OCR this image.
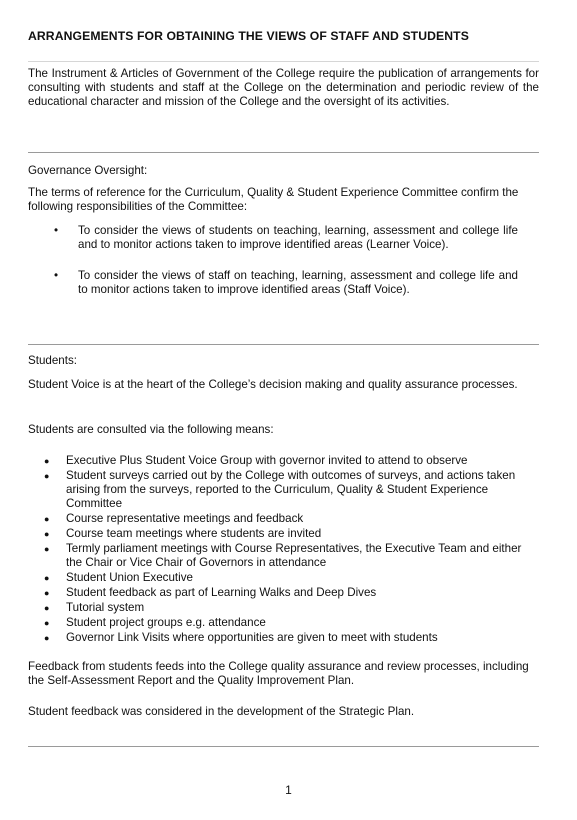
ARRANGEMENTS FOR OBTAINING THE VIEWS OF STAFF AND STUDENTS

The Instrument & Articles of Government of the College require the publication of arrangements for consulting with students and staff at the College on the determination and periodic review of the educational character and mission of the College and the oversight of its activities.

Governance Oversight:

The terms of reference for the Curriculum, Quality & Student Experience Committee confirm the following responsibilities of the Committee:

• To consider the views of students on teaching, learning, assessment and college life and to monitor actions taken to improve identified areas (Learner Voice).
• To consider the views of staff on teaching, learning, assessment and college life and to monitor actions taken to improve identified areas (Staff Voice).

Students:

Student Voice is at the heart of the College’s decision making and quality assurance processes.

Students are consulted via the following means:

● Executive Plus Student Voice Group with governor invited to attend to observe
● Student surveys carried out by the College with outcomes of surveys, and actions taken arising from the surveys, reported to the Curriculum, Quality & Student Experience Committee
● Course representative meetings and feedback
● Course team meetings where students are invited
● Termly parliament meetings with Course Representatives, the Executive Team and either the Chair or Vice Chair of Governors in attendance
● Student Union Executive
● Student feedback as part of Learning Walks and Deep Dives
● Tutorial system
● Student project groups e.g. attendance
● Governor Link Visits where opportunities are given to meet with students

Feedback from students feeds into the College quality assurance and review processes, including the Self-Assessment Report and the Quality Improvement Plan.

Student feedback was considered in the development of the Strategic Plan.

1
